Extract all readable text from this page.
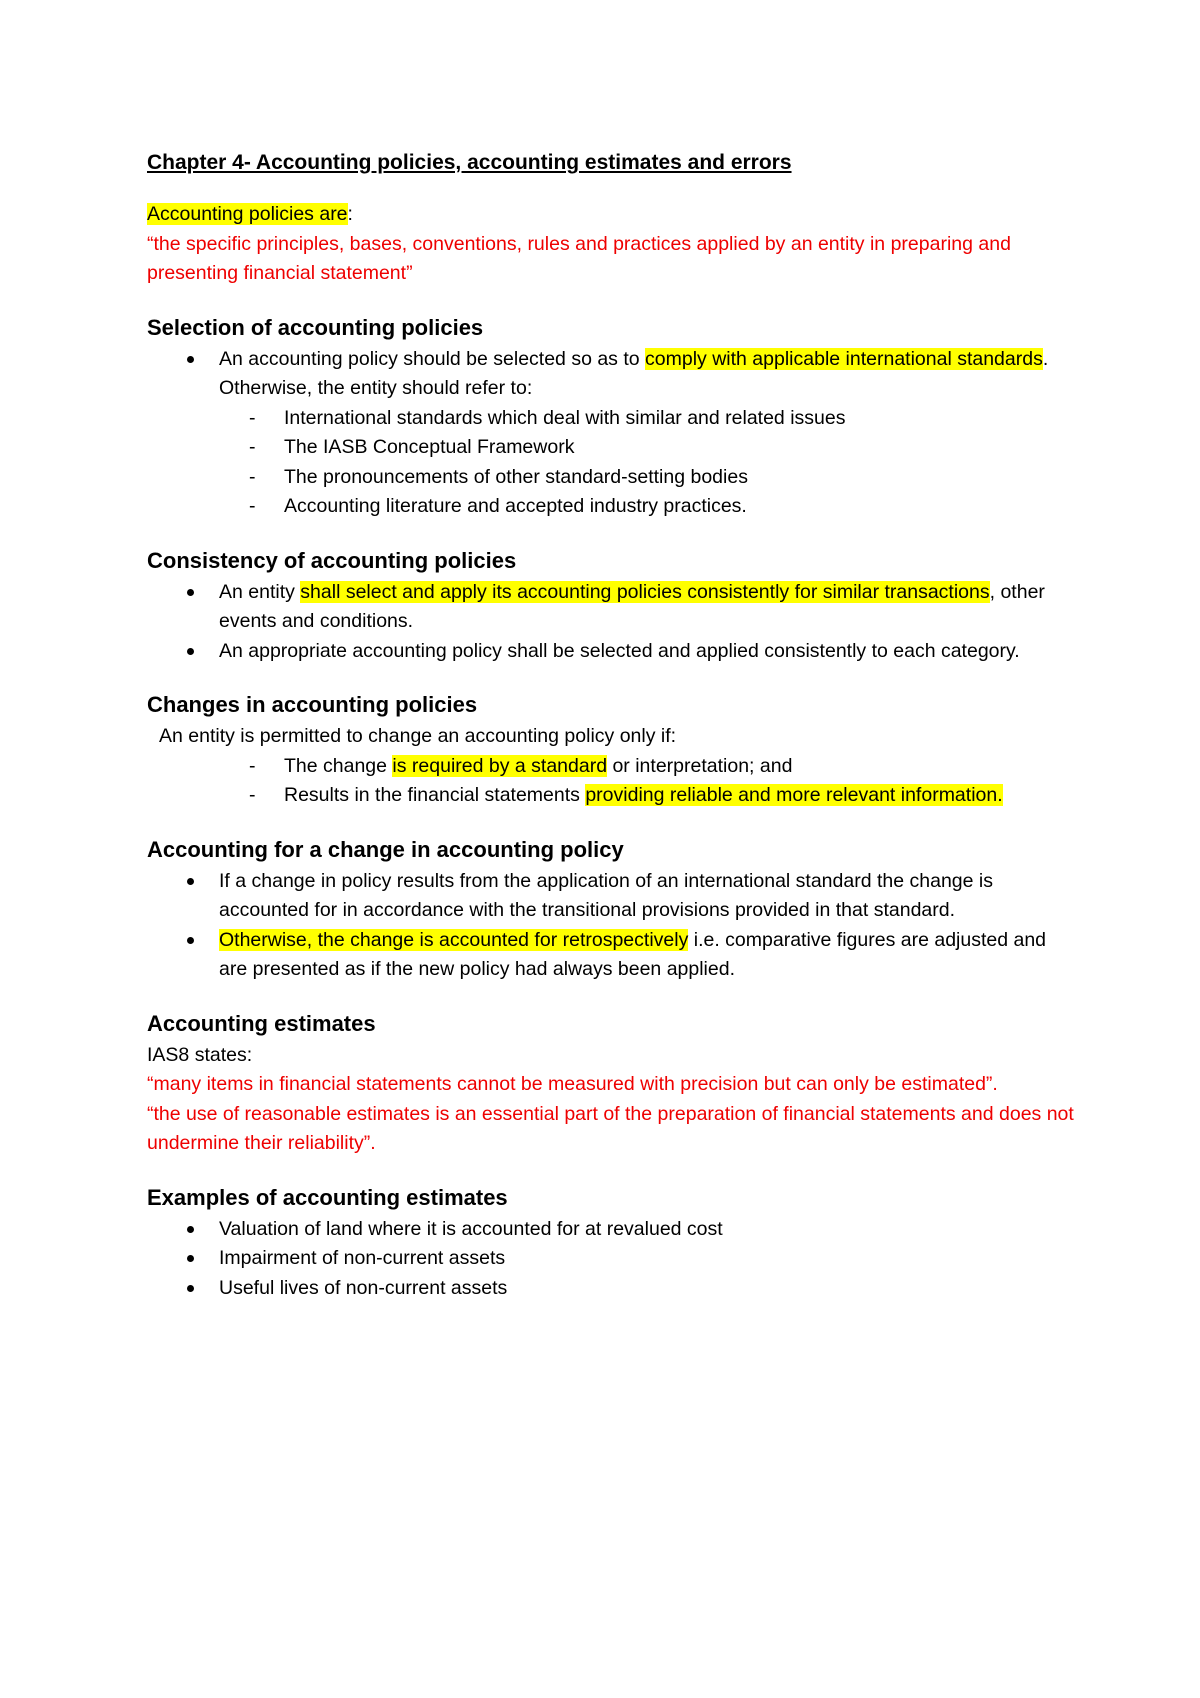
Chapter 4- Accounting policies, accounting estimates and errors

Accounting policies are:

“the specific principles, bases, conventions, rules and practices applied by an entity in preparing and presenting financial statement”

Selection of accounting policies

An accounting policy should be selected so as to comply with applicable international standards. Otherwise, the entity should refer to:
- International standards which deal with similar and related issues
- The IASB Conceptual Framework
- The pronouncements of other standard-setting bodies
- Accounting literature and accepted industry practices.

Consistency of accounting policies

An entity shall select and apply its accounting policies consistently for similar transactions, other events and conditions.
An appropriate accounting policy shall be selected and applied consistently to each category.

Changes in accounting policies

An entity is permitted to change an accounting policy only if:

- The change is required by a standard or interpretation; and
- Results in the financial statements providing reliable and more relevant information.

Accounting for a change in accounting policy

If a change in policy results from the application of an international standard the change is accounted for in accordance with the transitional provisions provided in that standard.
Otherwise, the change is accounted for retrospectively i.e. comparative figures are adjusted and are presented as if the new policy had always been applied.

Accounting estimates

IAS8 states:

“many items in financial statements cannot be measured with precision but can only be estimated”.

“the use of reasonable estimates is an essential part of the preparation of financial statements and does not undermine their reliability”.

Examples of accounting estimates

Valuation of land where it is accounted for at revalued cost
Impairment of non-current assets
Useful lives of non-current assets
